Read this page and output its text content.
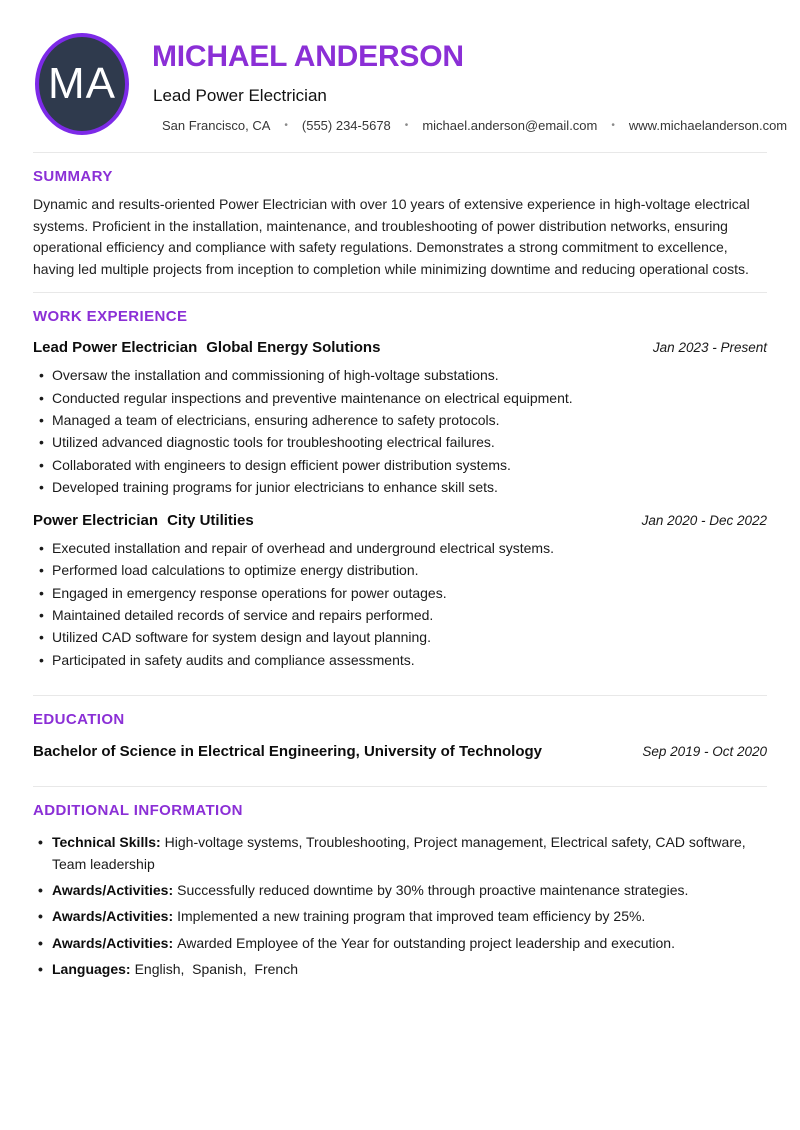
MA
MICHAEL ANDERSON
Lead Power Electrician
San Francisco, CA • (555) 234-5678 • michael.anderson@email.com • www.michaelanderson.com
SUMMARY

Dynamic and results-oriented Power Electrician with over 10 years of extensive experience in high-voltage electrical systems. Proficient in the installation, maintenance, and troubleshooting of power distribution networks, ensuring operational efficiency and compliance with safety regulations. Demonstrates a strong commitment to excellence, having led multiple projects from inception to completion while minimizing downtime and reducing operational costs.

WORK EXPERIENCE
Lead Power Electrician Global Energy Solutions	Jan 2023 - Present
• Oversaw the installation and commissioning of high-voltage substations.
• Conducted regular inspections and preventive maintenance on electrical equipment.
• Managed a team of electricians, ensuring adherence to safety protocols.
• Utilized advanced diagnostic tools for troubleshooting electrical failures.
• Collaborated with engineers to design efficient power distribution systems.
• Developed training programs for junior electricians to enhance skill sets.
Power Electrician City Utilities	Jan 2020 - Dec 2022
• Executed installation and repair of overhead and underground electrical systems.
• Performed load calculations to optimize energy distribution.
• Engaged in emergency response operations for power outages.
• Maintained detailed records of service and repairs performed.
• Utilized CAD software for system design and layout planning.
• Participated in safety audits and compliance assessments.
EDUCATION
Bachelor of Science in Electrical Engineering, University of Technology	Sep 2019 - Oct 2020
ADDITIONAL INFORMATION
• Technical Skills: High-voltage systems, Troubleshooting, Project management, Electrical safety, CAD software, Team leadership
• Awards/Activities: Successfully reduced downtime by 30% through proactive maintenance strategies.
• Awards/Activities: Implemented a new training program that improved team efficiency by 25%.
• Awards/Activities: Awarded Employee of the Year for outstanding project leadership and execution.
• Languages: English,  Spanish,  French
